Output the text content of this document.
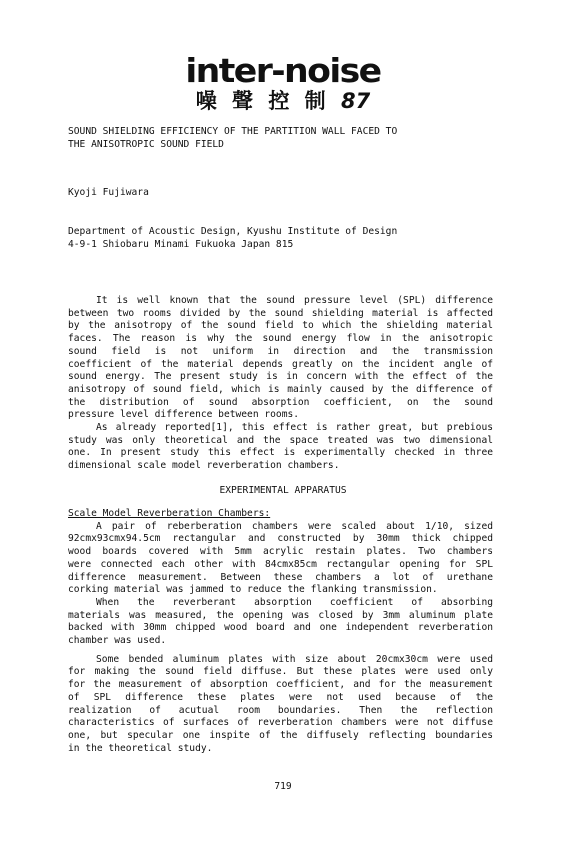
inter-noise
噪 聲 控 制 87
SOUND SHIELDING EFFICIENCY OF THE PARTITION WALL FACED TO
THE ANISOTROPIC SOUND FIELD
Kyoji Fujiwara
Department of Acoustic Design, Kyushu Institute of Design
4-9-1 Shiobaru Minami Fukuoka Japan 815

It is well known that the sound pressure level (SPL) difference

between two rooms divided by the sound shielding material is affected

by the anisotropy of the sound field to which the shielding material

faces. The reason is why the sound energy flow in the anisotropic

sound field is not uniform in direction and the transmission

coefficient of the material depends greatly on the incident angle of

sound energy. The present study is in concern with the effect of the

anisotropy of sound field, which is mainly caused by the difference of

the distribution of sound absorption coefficient, on the sound

pressure level difference between rooms.

As already reported[1], this effect is rather great, but prebious

study was only theoretical and the space treated was two dimensional

one. In present study this effect is experimentally checked in three

dimensional scale model reverberation chambers.

EXPERIMENTAL APPARATUS

Scale Model Reverberation Chambers:

A pair of reberberation chambers were scaled about 1/10, sized

92cmx93cmx94.5cm rectangular and constructed by 30mm thick chipped

wood boards covered with 5mm acrylic restain plates. Two chambers

were connected each other with 84cmx85cm rectangular opening for SPL

difference measurement. Between these chambers a lot of urethane

corking material was jammed to reduce the flanking transmission.

When the reverberant absorption coefficient of absorbing

materials was measured, the opening was closed by 3mm aluminum plate

backed with 30mm chipped wood board and one independent reverberation

chamber was used.

Some bended aluminum plates with size about 20cmx30cm were used

for making the sound field diffuse. But these plates were used only

for the measurement of absorption coefficient, and for the measurement

of SPL difference these plates were not used because of the

realization of acutual room boundaries. Then the reflection

characteristics of surfaces of reverberation chambers were not diffuse

one, but specular one inspite of the diffusely reflecting boundaries

in the theoretical study.

719
